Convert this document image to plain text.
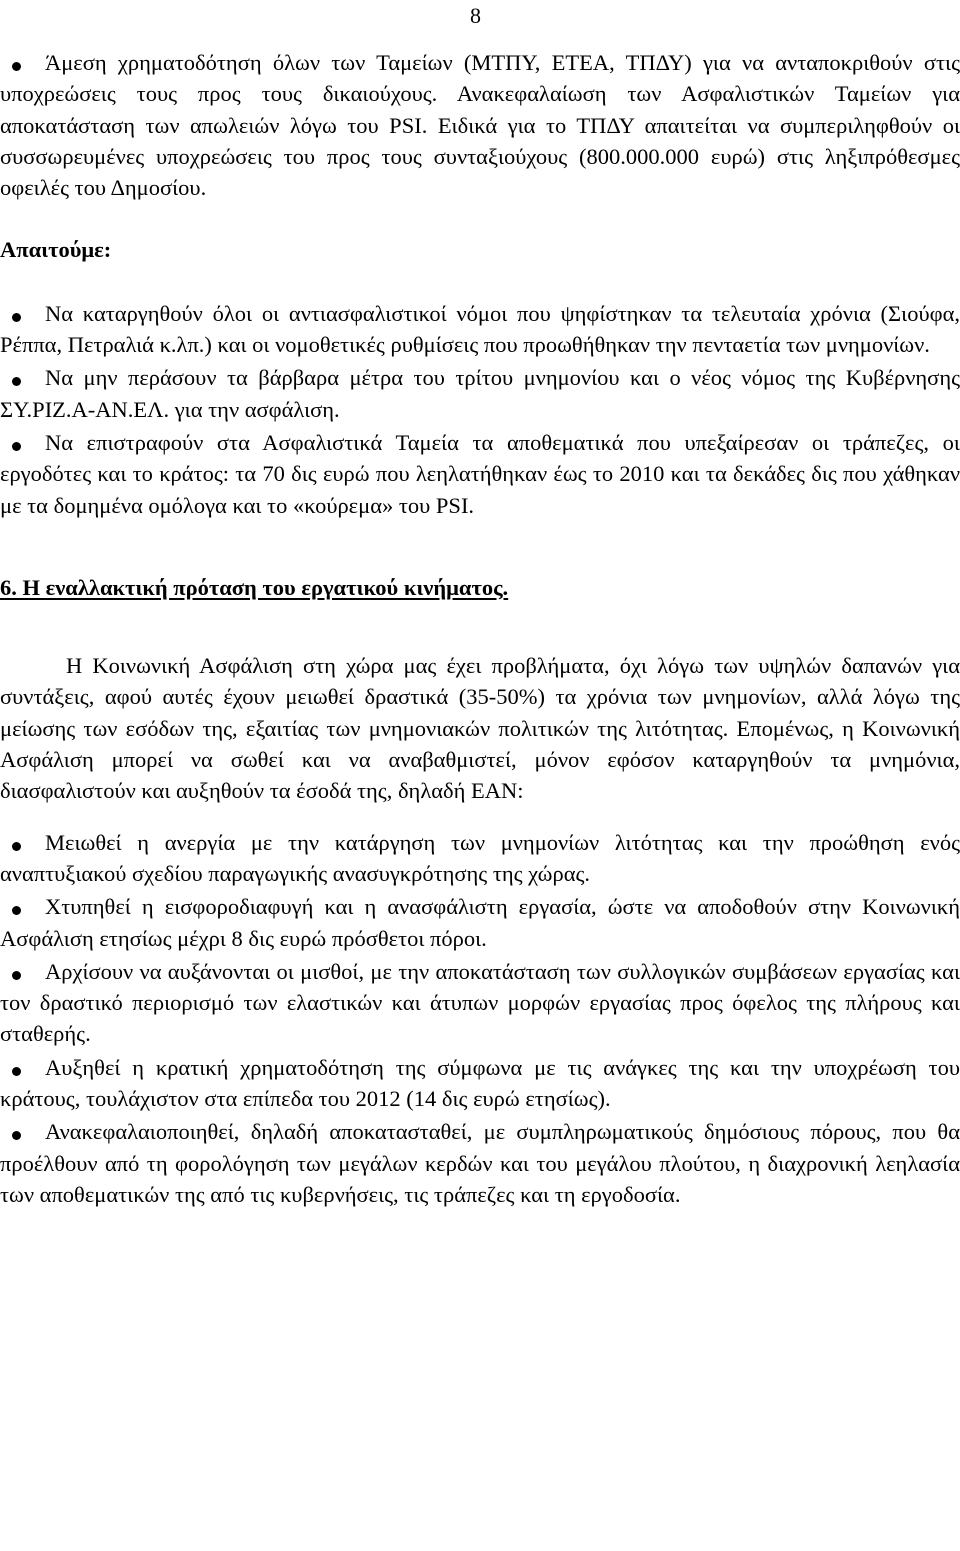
8

Άμεση χρηματοδότηση όλων των Ταμείων (ΜΤΠΥ, ΕΤΕΑ, ΤΠΔΥ) για να ανταποκριθούν στις υποχρεώσεις τους προς τους δικαιούχους. Ανακεφαλαίωση των Ασφαλιστικών Ταμείων για αποκατάσταση των απωλειών λόγω του PSI. Ειδικά για το ΤΠΔΥ απαιτείται να συμπεριληφθούν οι συσσωρευμένες υποχρεώσεις του προς τους συνταξιούχους (800.000.000 ευρώ) στις ληξιπρόθεσμες οφειλές του Δημοσίου.

Απαιτούμε:

Να καταργηθούν όλοι οι αντιασφαλιστικοί νόμοι που ψηφίστηκαν τα τελευταία χρόνια (Σιούφα, Ρέππα, Πετραλιά κ.λπ.) και οι νομοθετικές ρυθμίσεις που προωθήθηκαν την πενταετία των μνημονίων.

Να μην περάσουν τα βάρβαρα μέτρα του τρίτου μνημονίου και ο νέος νόμος της Κυβέρνησης ΣΥ.ΡΙΖ.Α-ΑΝ.ΕΛ. για την ασφάλιση.

Να επιστραφούν στα Ασφαλιστικά Ταμεία τα αποθεματικά που υπεξαίρεσαν οι τράπεζες, οι εργοδότες και το κράτος: τα 70 δις ευρώ που λεηλατήθηκαν έως το 2010 και τα δεκάδες δις που χάθηκαν με τα δομημένα ομόλογα και το «κούρεμα» του PSI.

6. Η εναλλακτική πρόταση του εργατικού κινήματος.

Η Κοινωνική Ασφάλιση στη χώρα μας έχει προβλήματα, όχι λόγω των υψηλών δαπανών για συντάξεις, αφού αυτές έχουν μειωθεί δραστικά (35-50%) τα χρόνια των μνημονίων, αλλά λόγω της μείωσης των εσόδων της, εξαιτίας των μνημονιακών πολιτικών της λιτότητας. Επομένως, η Κοινωνική Ασφάλιση μπορεί να σωθεί και να αναβαθμιστεί, μόνον εφόσον καταργηθούν τα μνημόνια, διασφαλιστούν και αυξηθούν τα έσοδά της, δηλαδή ΕΑΝ:

Μειωθεί η ανεργία με την κατάργηση των μνημονίων λιτότητας και την προώθηση ενός αναπτυξιακού σχεδίου παραγωγικής ανασυγκρότησης της χώρας.

Χτυπηθεί η εισφοροδιαφυγή και η ανασφάλιστη εργασία, ώστε να αποδοθούν στην Κοινωνική Ασφάλιση ετησίως μέχρι 8 δις ευρώ πρόσθετοι πόροι.

Αρχίσουν να αυξάνονται οι μισθοί, με την αποκατάσταση των συλλογικών συμβάσεων εργασίας και τον δραστικό περιορισμό των ελαστικών και άτυπων μορφών εργασίας προς όφελος της πλήρους και σταθερής.

Αυξηθεί η κρατική χρηματοδότηση της σύμφωνα με τις ανάγκες της και την υποχρέωση του κράτους, τουλάχιστον στα επίπεδα του 2012 (14 δις ευρώ ετησίως).

Ανακεφαλαιοποιηθεί, δηλαδή αποκατασταθεί, με συμπληρωματικούς δημόσιους πόρους, που θα προέλθουν από τη φορολόγηση των μεγάλων κερδών και του μεγάλου πλούτου, η διαχρονική λεηλασία των αποθεματικών της από τις κυβερνήσεις, τις τράπεζες και τη εργοδοσία.
